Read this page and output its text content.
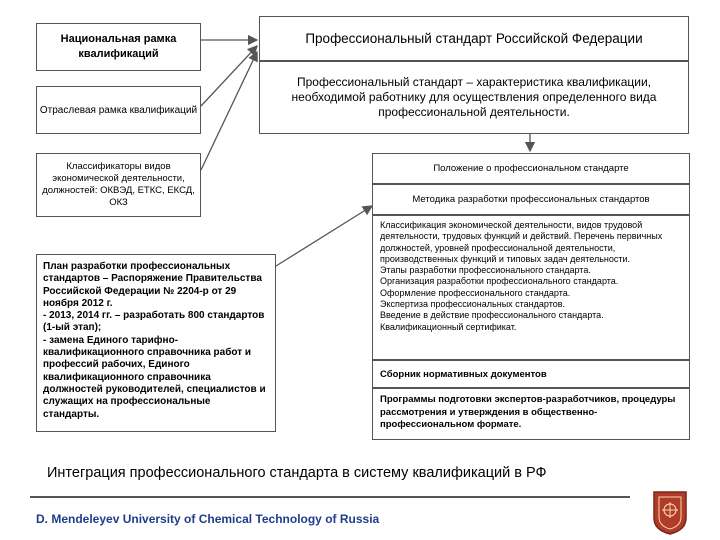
Национальная рамка квалификаций
Отраслевая рамка квалификаций
Классификаторы видов экономической деятельности, должностей: ОКВЭД, ЕТКС, ЕКСД, ОКЗ
План разработки профессиональных стандартов – Распоряжение Правительства Российской Федерации № 2204-р от 29 ноября 2012 г.
- 2013, 2014 гг. – разработать 800 стандартов (1-ый этап);
- замена Единого тарифно-квалификационного справочника работ и профессий рабочих, Единого квалификационного справочника должностей руководителей, специалистов и служащих на профессиональные стандарты.
Профессиональный стандарт Российской Федерации
Профессиональный стандарт – характеристика квалификации, необходимой работнику для осуществления определенного вида профессиональной деятельности.
Положение о профессиональном стандарте
Методика разработки профессиональных стандартов
Классификация экономической деятельности, видов трудовой деятельности, трудовых функций и действий. Перечень первичных должностей, уровней профессиональной деятельности, производственных функций и типовых задач деятельности.
Этапы разработки профессионального стандарта.
Организация разработки профессионального стандарта.
Оформление профессионального стандарта.
Экспертиза профессиональных стандартов.
Введение в действие профессионального стандарта.
Квалификационный сертификат.
Сборник нормативных документов
Программы подготовки экспертов-разработчиков, процедуры рассмотрения и утверждения в общественно-профессиональном формате.
Интеграция профессионального стандарта в систему квалификаций в РФ
D. Mendeleyev University of Chemical Technology of Russia
